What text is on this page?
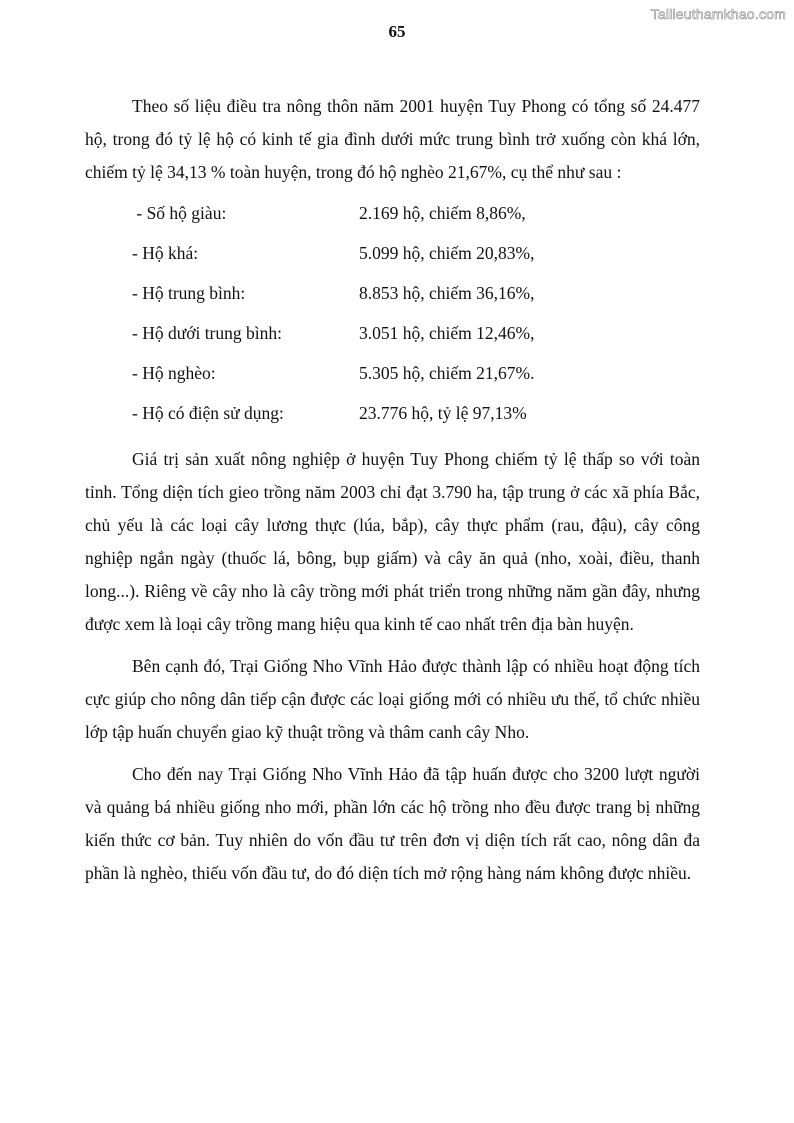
Tailieuthamkhao.com
65

Theo số liệu điều tra nông thôn năm 2001 huyện Tuy Phong có tổng số 24.477 hộ, trong đó tỷ lệ hộ có kinh tế gia đình dưới mức trung bình trở xuống còn khá lớn, chiếm tỷ lệ 34,13 % toàn huyện, trong đó hộ nghèo 21,67%, cụ thể như sau :

- Số hộ giàu:	2.169 hộ, chiếm 8,86%,
- Hộ khá:	5.099 hộ, chiếm 20,83%,
- Hộ trung bình:	8.853 hộ, chiếm 36,16%,
- Hộ dưới trung bình:	3.051 hộ, chiếm 12,46%,
- Hộ nghèo:	5.305 hộ, chiếm 21,67%.
- Hộ có điện sử dụng:	23.776 hộ, tỷ lệ 97,13%

Giá trị sản xuất nông nghiệp ở huyện Tuy Phong chiếm tỷ lệ thấp so với toàn tỉnh. Tổng diện tích gieo trồng năm 2003 chỉ đạt 3.790 ha, tập trung ở các xã phía Bắc, chủ yếu là các loại cây lương thực (lúa, bắp), cây thực phẩm (rau, đậu), cây công nghiệp ngắn ngày (thuốc lá, bông, bụp giấm) và cây ăn quả (nho, xoài, điều, thanh long...). Riêng về cây nho là cây trồng mới phát triển trong những năm gần đây, nhưng được xem là loại cây trồng mang hiệu qua kinh tế cao nhất trên địa bàn huyện.

Bên cạnh đó, Trại Giống Nho Vĩnh Hảo được thành lập có nhiều hoạt động tích cực giúp cho nông dân tiếp cận được các loại giống mới có nhiều ưu thế, tổ chức nhiều lớp tập huấn chuyển giao kỹ thuật trồng và thâm canh cây Nho.

Cho đến nay Trại Giống Nho Vĩnh Hảo đã tập huấn được cho 3200 lượt người và quảng bá nhiều giống nho mới, phần lớn các hộ trồng nho đều được trang bị những kiến thức cơ bản. Tuy nhiên do vốn đầu tư trên đơn vị diện tích rất cao, nông dân đa phần là nghèo, thiếu vốn đầu tư, do đó diện tích mở rộng hàng nám không được nhiều.
